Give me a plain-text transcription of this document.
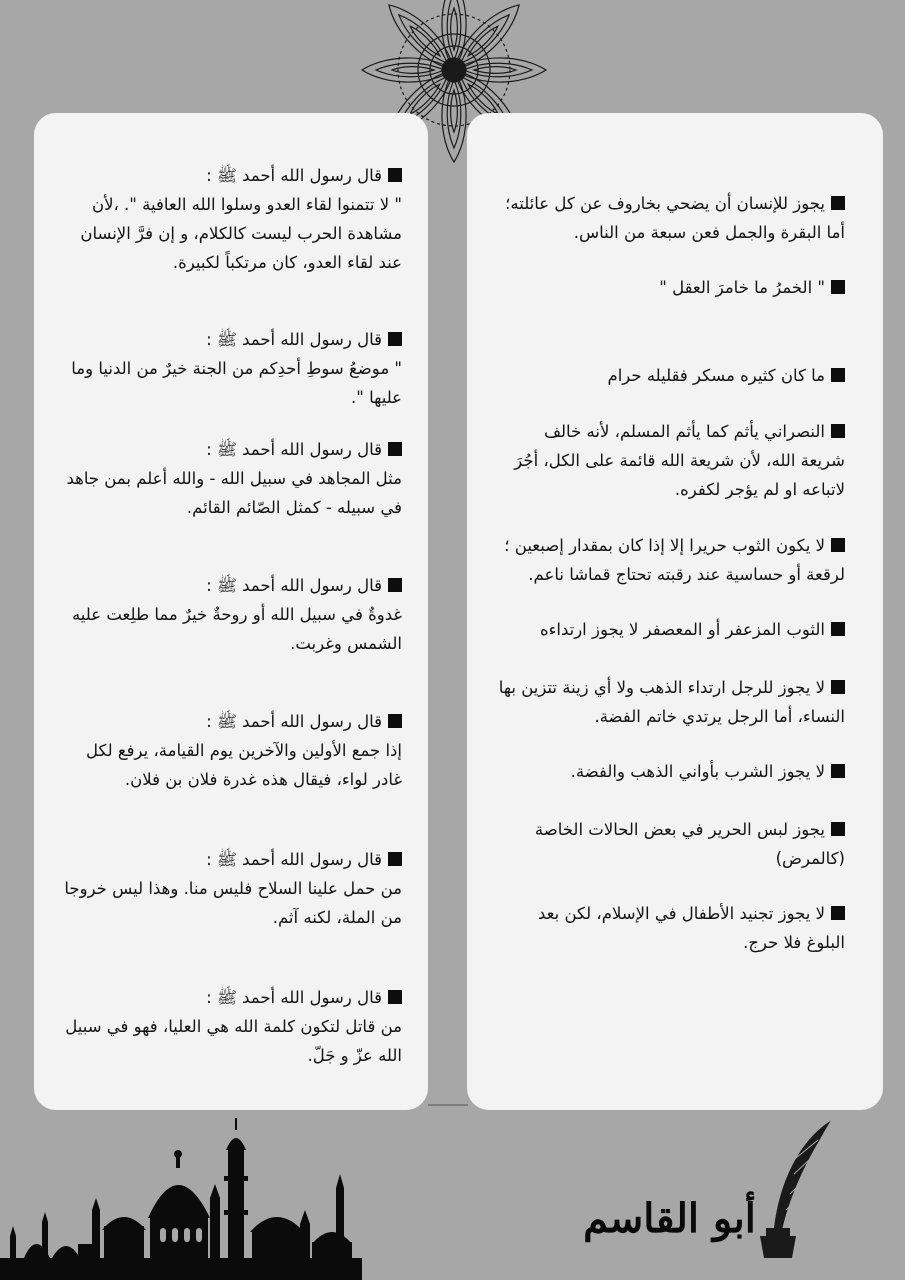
يجوز للإنسان أن يضحي بخاروف عن كل عائلته؛ أما البقرة والجمل فعن سبعة من الناس.

" الخمرُ ما خامرَ العقل "

ما كان كثيره مسكر فقليله حرام

النصراني يأثم كما يأثم المسلم، لأنه خالف شريعة الله، لأن شريعة الله قائمة على الكل، أجُرَ لاتباعه او لم يؤجر لكفره.

لا يكون الثوب حريرا إلا إذا كان بمقدار إصبعين ؛ لرقعة أو حساسية عند رقبته تحتاج قماشا ناعم.

الثوب المزعفر أو المعصفر لا يجوز ارتداءه

لا يجوز للرجل ارتداء الذهب ولا أي زينة تتزين بها النساء، أما الرجل يرتدي خاتم الفضة.

لا يجوز الشرب بأواني الذهب والفضة.

يجوز لبس الحرير في بعض الحالات الخاصة (كالمرض)

لا يجوز تجنيد الأطفال في الإسلام، لكن بعد البلوغ فلا حرج.

قال رسول الله أحمد ﷺ :
" لا تتمنوا لقاء العدو وسلوا الله العافية ". ،لأن مشاهدة الحرب ليست كالكلام، و إن فرَّ الإنسان عند لقاء العدو، كان مرتكباً لكبيرة.

قال رسول الله أحمد ﷺ :
" موضعُ سوطِ أحدِكم من الجنة خيرٌ من الدنيا وما عليها ".

قال رسول الله أحمد ﷺ :
مثل المجاهد في سبيل الله - والله أعلم بمن جاهد في سبيله - كمثل الصّائم القائم.

قال رسول الله أحمد ﷺ :
غدوةٌ في سبيل الله أو روحةٌ خيرٌ مما طلِعت عليه الشمس وغربت.

قال رسول الله أحمد ﷺ :
إذا جمع الأولين والآخرين يوم القيامة، يرفع لكل غادر لواء، فيقال هذه غدرة فلان بن فلان.

قال رسول الله أحمد ﷺ :
من حمل علينا السلاح فليس منا. وهذا ليس خروجا من الملة، لكنه آثم.

قال رسول الله أحمد ﷺ :
من قاتل لتكون كلمة الله هي العليا، فهو في سبيل الله عزّ و جَلّ.

أبو القاسم
